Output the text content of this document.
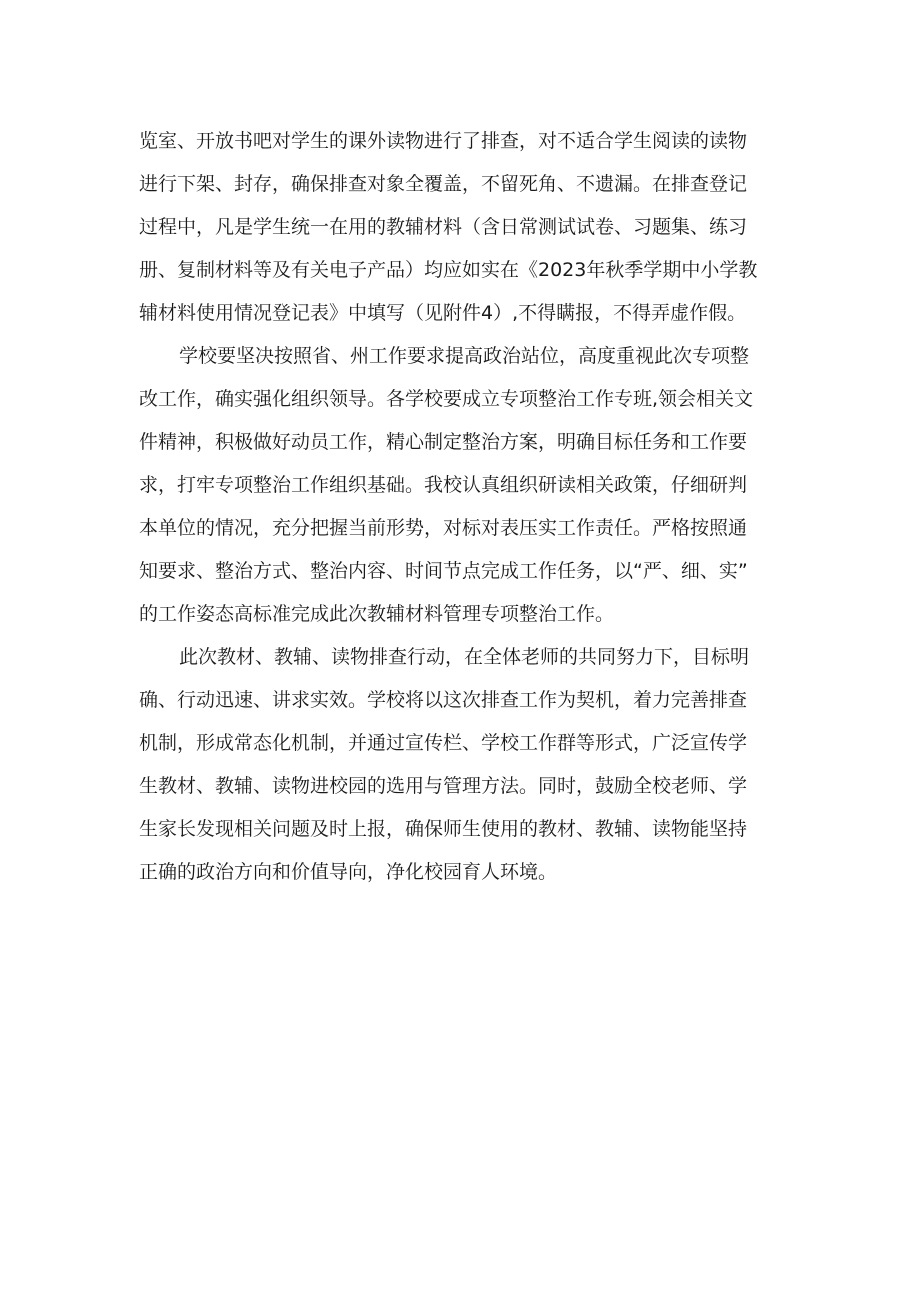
览室、开放书吧对学生的课外读物进行了排查，对不适合学生阅读的读物
进行下架、封存，确保排查对象全覆盖，不留死角、不遗漏。在排查登记
过程中，凡是学生统一在用的教辅材料（含日常测试试卷、习题集、练习
册、复制材料等及有关电子产品）均应如实在《2023年秋季学期中小学教
辅材料使用情况登记表》中填写（见附件4）,不得瞒报，不得弄虚作假。

学校要坚决按照省、州工作要求提高政治站位，高度重视此次专项整
改工作，确实强化组织领导。各学校要成立专项整治工作专班,领会相关文
件精神，积极做好动员工作，精心制定整治方案，明确目标任务和工作要
求，打牢专项整治工作组织基础。我校认真组织研读相关政策，仔细研判
本单位的情况，充分把握当前形势，对标对表压实工作责任。严格按照通
知要求、整治方式、整治内容、时间节点完成工作任务，以“严、细、实”
的工作姿态高标准完成此次教辅材料管理专项整治工作。

此次教材、教辅、读物排查行动，在全体老师的共同努力下，目标明
确、行动迅速、讲求实效。学校将以这次排查工作为契机，着力完善排查
机制，形成常态化机制，并通过宣传栏、学校工作群等形式，广泛宣传学
生教材、教辅、读物进校园的选用与管理方法。同时，鼓励全校老师、学
生家长发现相关问题及时上报，确保师生使用的教材、教辅、读物能坚持
正确的政治方向和价值导向，净化校园育人环境。
